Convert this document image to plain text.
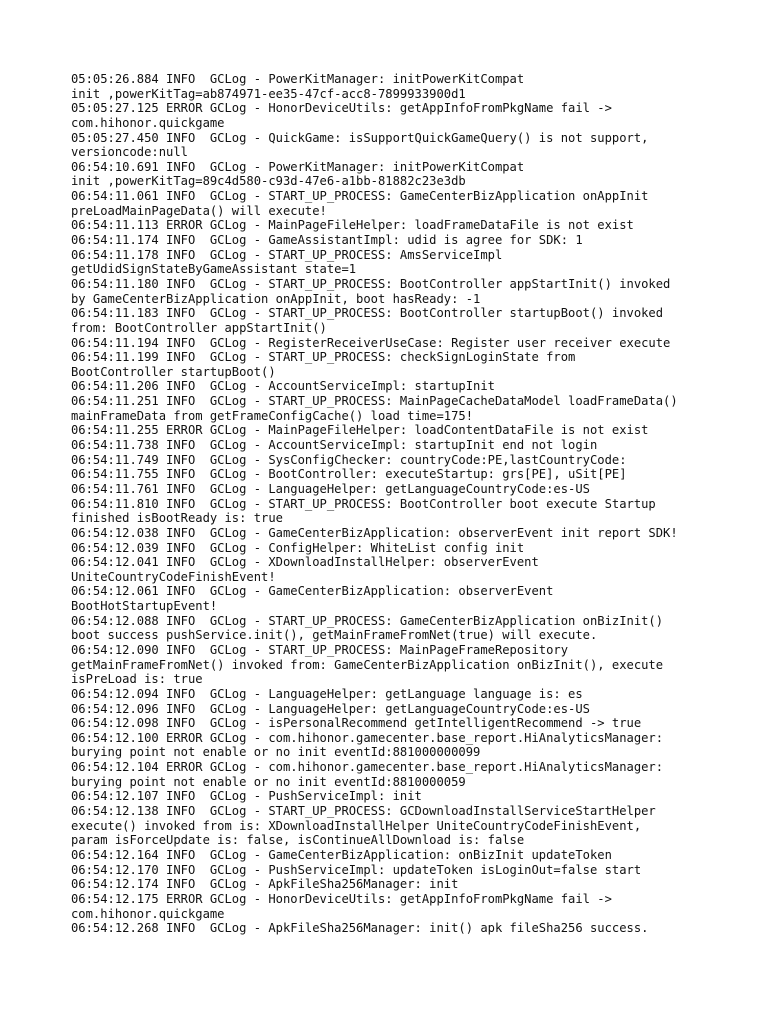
05:05:26.884 INFO  GCLog - PowerKitManager: initPowerKitCompat
init ,powerKitTag=ab874971-ee35-47cf-acc8-7899933900d1
05:05:27.125 ERROR GCLog - HonorDeviceUtils: getAppInfoFromPkgName fail ->
com.hihonor.quickgame
05:05:27.450 INFO  GCLog - QuickGame: isSupportQuickGameQuery() is not support,
versioncode:null
06:54:10.691 INFO  GCLog - PowerKitManager: initPowerKitCompat
init ,powerKitTag=89c4d580-c93d-47e6-a1bb-81882c23e3db
06:54:11.061 INFO  GCLog - START_UP_PROCESS: GameCenterBizApplication onAppInit
preLoadMainPageData() will execute!
06:54:11.113 ERROR GCLog - MainPageFileHelper: loadFrameDataFile is not exist
06:54:11.174 INFO  GCLog - GameAssistantImpl: udid is agree for SDK: 1
06:54:11.178 INFO  GCLog - START_UP_PROCESS: AmsServiceImpl
getUdidSignStateByGameAssistant state=1
06:54:11.180 INFO  GCLog - START_UP_PROCESS: BootController appStartInit() invoked
by GameCenterBizApplication onAppInit, boot hasReady: -1
06:54:11.183 INFO  GCLog - START_UP_PROCESS: BootController startupBoot() invoked
from: BootController appStartInit()
06:54:11.194 INFO  GCLog - RegisterReceiverUseCase: Register user receiver execute
06:54:11.199 INFO  GCLog - START_UP_PROCESS: checkSignLoginState from
BootController startupBoot()
06:54:11.206 INFO  GCLog - AccountServiceImpl: startupInit
06:54:11.251 INFO  GCLog - START_UP_PROCESS: MainPageCacheDataModel loadFrameData()
mainFrameData from getFrameConfigCache() load time=175!
06:54:11.255 ERROR GCLog - MainPageFileHelper: loadContentDataFile is not exist
06:54:11.738 INFO  GCLog - AccountServiceImpl: startupInit end not login
06:54:11.749 INFO  GCLog - SysConfigChecker: countryCode:PE,lastCountryCode:
06:54:11.755 INFO  GCLog - BootController: executeStartup: grs[PE], uSit[PE]
06:54:11.761 INFO  GCLog - LanguageHelper: getLanguageCountryCode:es-US
06:54:11.810 INFO  GCLog - START_UP_PROCESS: BootController boot execute Startup
finished isBootReady is: true
06:54:12.038 INFO  GCLog - GameCenterBizApplication: observerEvent init report SDK!
06:54:12.039 INFO  GCLog - ConfigHelper: WhiteList config init
06:54:12.041 INFO  GCLog - XDownloadInstallHelper: observerEvent
UniteCountryCodeFinishEvent!
06:54:12.061 INFO  GCLog - GameCenterBizApplication: observerEvent
BootHotStartupEvent!
06:54:12.088 INFO  GCLog - START_UP_PROCESS: GameCenterBizApplication onBizInit()
boot success pushService.init(), getMainFrameFromNet(true) will execute.
06:54:12.090 INFO  GCLog - START_UP_PROCESS: MainPageFrameRepository
getMainFrameFromNet() invoked from: GameCenterBizApplication onBizInit(), execute
isPreLoad is: true
06:54:12.094 INFO  GCLog - LanguageHelper: getLanguage language is: es
06:54:12.096 INFO  GCLog - LanguageHelper: getLanguageCountryCode:es-US
06:54:12.098 INFO  GCLog - isPersonalRecommend getIntelligentRecommend -> true
06:54:12.100 ERROR GCLog - com.hihonor.gamecenter.base_report.HiAnalyticsManager:
burying point not enable or no init eventId:881000000099
06:54:12.104 ERROR GCLog - com.hihonor.gamecenter.base_report.HiAnalyticsManager:
burying point not enable or no init eventId:8810000059
06:54:12.107 INFO  GCLog - PushServiceImpl: init
06:54:12.138 INFO  GCLog - START_UP_PROCESS: GCDownloadInstallServiceStartHelper
execute() invoked from is: XDownloadInstallHelper UniteCountryCodeFinishEvent,
param isForceUpdate is: false, isContinueAllDownload is: false
06:54:12.164 INFO  GCLog - GameCenterBizApplication: onBizInit updateToken
06:54:12.170 INFO  GCLog - PushServiceImpl: updateToken isLoginOut=false start
06:54:12.174 INFO  GCLog - ApkFileSha256Manager: init
06:54:12.175 ERROR GCLog - HonorDeviceUtils: getAppInfoFromPkgName fail ->
com.hihonor.quickgame
06:54:12.268 INFO  GCLog - ApkFileSha256Manager: init() apk fileSha256 success.
